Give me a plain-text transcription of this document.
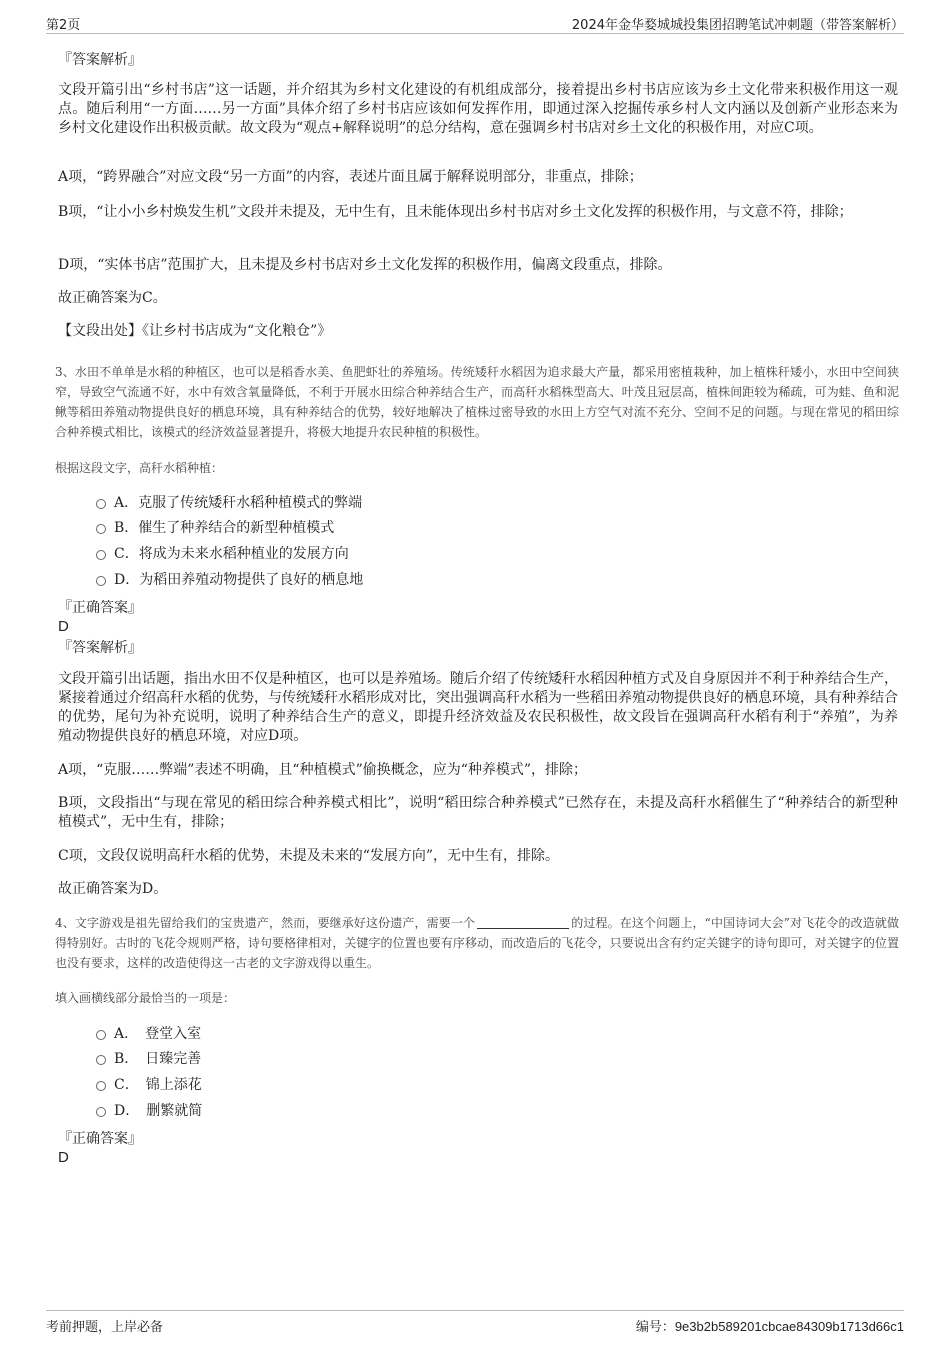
第2页	2024年金华婺城城投集团招聘笔试冲刺题（带答案解析）
『答案解析』
文段开篇引出“乡村书店”这一话题，并介绍其为乡村文化建设的有机组成部分，接着提出乡村书店应该为乡土文化带来积极作用这一观点。随后利用“一方面……另一方面”具体介绍了乡村书店应该如何发挥作用，即通过深入挖掘传承乡村人文内涵以及创新产业形态来为乡村文化建设作出积极贡献。故文段为“观点+解释说明”的总分结构，意在强调乡村书店对乡土文化的积极作用，对应C项。
A项，“跨界融合”对应文段“另一方面”的内容，表述片面且属于解释说明部分，非重点，排除；
B项，“让小小乡村焕发生机”文段并未提及，无中生有，且未能体现出乡村书店对乡土文化发挥的积极作用，与文意不符，排除；
D项，“实体书店”范围扩大，且未提及乡村书店对乡土文化发挥的积极作用，偏离文段重点，排除。
故正确答案为C。
【文段出处】《让乡村书店成为“文化粮仓”》
3、水田不单单是水稻的种植区，也可以是稻香水美、鱼肥虾壮的养殖场。传统矮秆水稻因为追求最大产量，都采用密植栽种，加上植株秆矮小，水田中空间狭窄，导致空气流通不好，水中有效含氧量降低，不利于开展水田综合种养结合生产，而高秆水稻株型高大、叶茂且冠层高，植株间距较为稀疏，可为蛙、鱼和泥鳅等稻田养殖动物提供良好的栖息环境，具有种养结合的优势，较好地解决了植株过密导致的水田上方空气对流不充分、空间不足的问题。与现在常见的稻田综合种养模式相比，该模式的经济效益显著提升，将极大地提升农民种植的积极性。
根据这段文字，高秆水稻种植：
A．克服了传统矮秆水稻种植模式的弊端
B．催生了种养结合的新型种植模式
C．将成为未来水稻种植业的发展方向
D．为稻田养殖动物提供了良好的栖息地
『正确答案』
D
『答案解析』
文段开篇引出话题，指出水田不仅是种植区，也可以是养殖场。随后介绍了传统矮秆水稻因种植方式及自身原因并不利于种养结合生产，紧接着通过介绍高秆水稻的优势，与传统矮秆水稻形成对比，突出强调高秆水稻为一些稻田养殖动物提供良好的栖息环境，具有种养结合的优势，尾句为补充说明，说明了种养结合生产的意义，即提升经济效益及农民积极性，故文段旨在强调高秆水稻有利于“养殖”，为养殖动物提供良好的栖息环境，对应D项。
A项，“克服……弊端”表述不明确，且“种植模式”偷换概念，应为“种养模式”，排除；
B项，文段指出“与现在常见的稻田综合种养模式相比”，说明“稻田综合种养模式”已然存在，未提及高秆水稻催生了“种养结合的新型种植模式”，无中生有，排除；
C项，文段仅说明高秆水稻的优势，未提及未来的“发展方向”，无中生有，排除。
故正确答案为D。
4、文字游戏是祖先留给我们的宝贵遗产，然而，要继承好这份遗产，需要一个	的过程。在这个问题上，“中国诗词大会”对飞花令的改造就做得特别好。古时的飞花令规则严格，诗句要格律相对，关键字的位置也要有序移动，而改造后的飞花令，只要说出含有约定关键字的诗句即可，对关键字的位置也没有要求，这样的改造使得这一古老的文字游戏得以重生。
填入画横线部分最恰当的一项是：
A．　登堂入室
B．　日臻完善
C．　锦上添花
D．　删繁就简
『正确答案』
D
考前押题，上岸必备	编号：9e3b2b589201cbcae84309b1713d66c1
